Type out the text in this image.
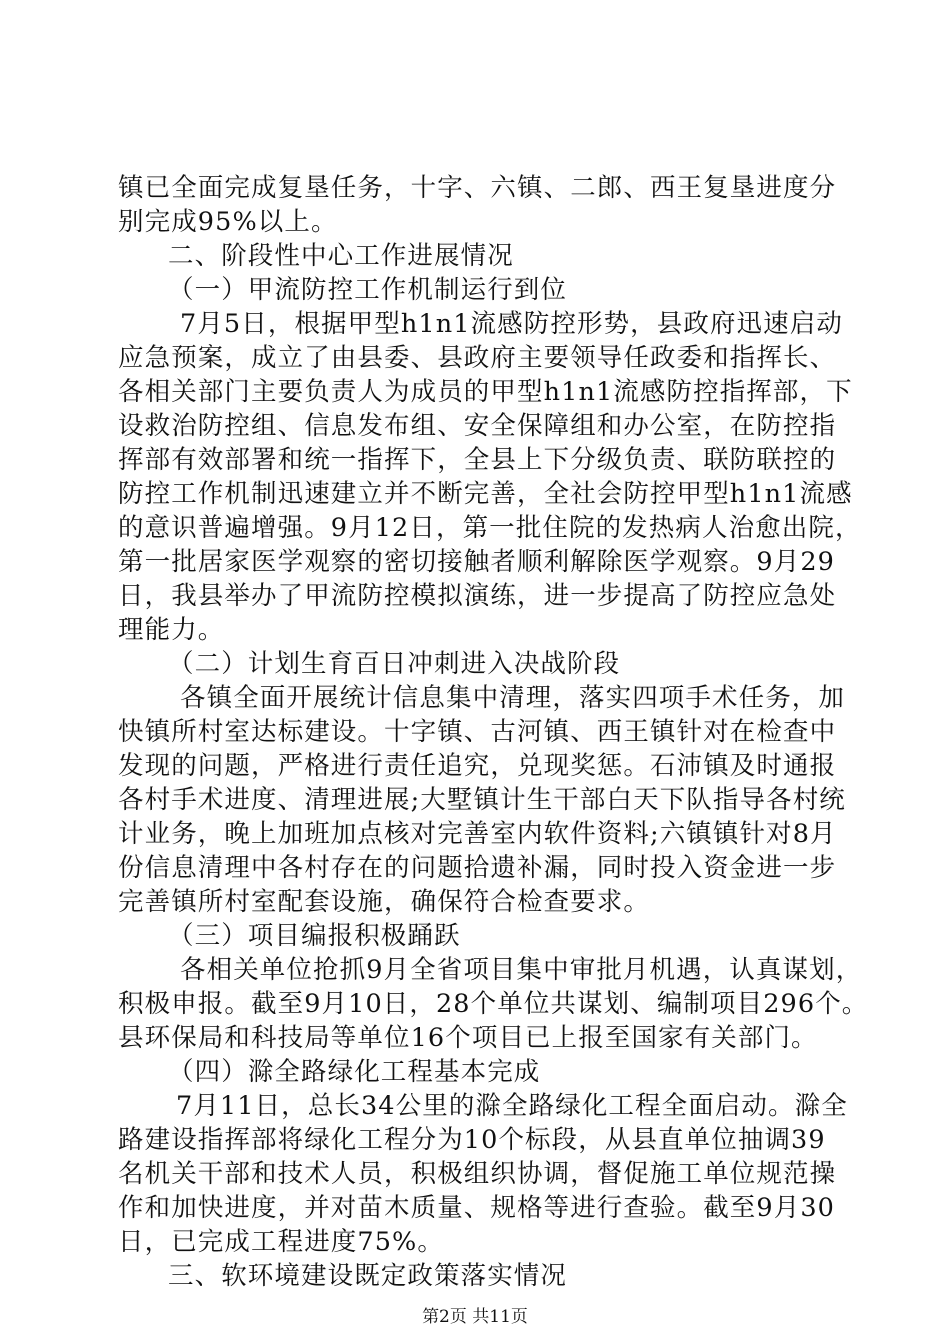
镇已全面完成复垦任务，十字、六镇、二郎、西王复垦进度分
别完成95%以上。
二、阶段性中心工作进展情况
（一）甲流防控工作机制运行到位
7月5日，根据甲型h1n1流感防控形势，县政府迅速启动
应急预案，成立了由县委、县政府主要领导任政委和指挥长、
各相关部门主要负责人为成员的甲型h1n1流感防控指挥部，下
设救治防控组、信息发布组、安全保障组和办公室，在防控指
挥部有效部署和统一指挥下，全县上下分级负责、联防联控的
防控工作机制迅速建立并不断完善，全社会防控甲型h1n1流感
的意识普遍增强。9月12日，第一批住院的发热病人治愈出院，
第一批居家医学观察的密切接触者顺利解除医学观察。9月29
日，我县举办了甲流防控模拟演练，进一步提高了防控应急处
理能力。
（二）计划生育百日冲刺进入决战阶段
各镇全面开展统计信息集中清理，落实四项手术任务，加
快镇所村室达标建设。十字镇、古河镇、西王镇针对在检查中
发现的问题，严格进行责任追究，兑现奖惩。石沛镇及时通报
各村手术进度、清理进展;大墅镇计生干部白天下队指导各村统
计业务，晚上加班加点核对完善室内软件资料;六镇镇针对8月
份信息清理中各村存在的问题拾遗补漏，同时投入资金进一步
完善镇所村室配套设施，确保符合检查要求。
（三）项目编报积极踊跃
各相关单位抢抓9月全省项目集中审批月机遇，认真谋划，
积极申报。截至9月10日，28个单位共谋划、编制项目296个。
县环保局和科技局等单位16个项目已上报至国家有关部门。
（四）滁全路绿化工程基本完成
7月11日，总长34公里的滁全路绿化工程全面启动。滁全
路建设指挥部将绿化工程分为10个标段，从县直单位抽调39
名机关干部和技术人员，积极组织协调，督促施工单位规范操
作和加快进度，并对苗木质量、规格等进行查验。截至9月30
日，已完成工程进度75%。
三、软环境建设既定政策落实情况
第2页 共11页
